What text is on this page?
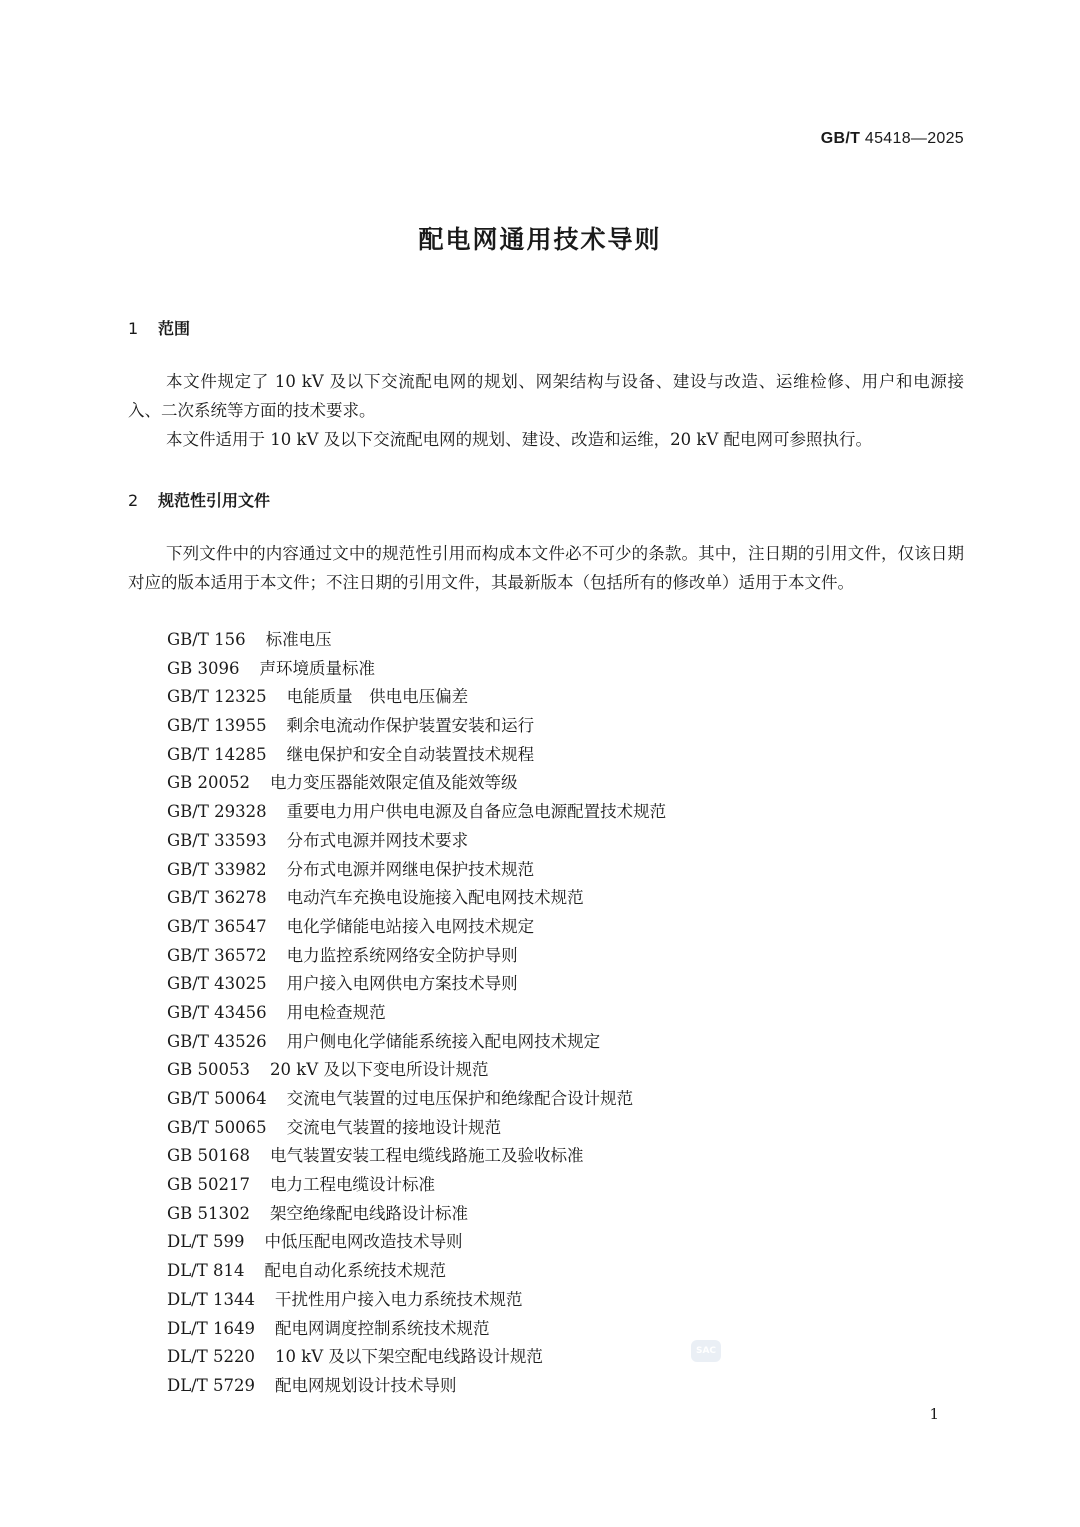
GB/T 45418—2025
配电网通用技术导则
1 范围

本文件规定了 10 kV 及以下交流配电网的规划、网架结构与设备、建设与改造、运维检修、用户和电源接入、二次系统等方面的技术要求。

本文件适用于 10 kV 及以下交流配电网的规划、建设、改造和运维，20 kV 配电网可参照执行。

2 规范性引用文件

下列文件中的内容通过文中的规范性引用而构成本文件必不可少的条款。其中，注日期的引用文件，仅该日期对应的版本适用于本文件；不注日期的引用文件，其最新版本（包括所有的修改单）适用于本文件。

GB/T 156 标准电压
GB 3096 声环境质量标准
GB/T 12325 电能质量　供电电压偏差
GB/T 13955 剩余电流动作保护装置安装和运行
GB/T 14285 继电保护和安全自动装置技术规程
GB 20052 电力变压器能效限定值及能效等级
GB/T 29328 重要电力用户供电电源及自备应急电源配置技术规范
GB/T 33593 分布式电源并网技术要求
GB/T 33982 分布式电源并网继电保护技术规范
GB/T 36278 电动汽车充换电设施接入配电网技术规范
GB/T 36547 电化学储能电站接入电网技术规定
GB/T 36572 电力监控系统网络安全防护导则
GB/T 43025 用户接入电网供电方案技术导则
GB/T 43456 用电检查规范
GB/T 43526 用户侧电化学储能系统接入配电网技术规定
GB 50053 20 kV 及以下变电所设计规范
GB/T 50064 交流电气装置的过电压保护和绝缘配合设计规范
GB/T 50065 交流电气装置的接地设计规范
GB 50168 电气装置安装工程电缆线路施工及验收标准
GB 50217 电力工程电缆设计标准
GB 51302 架空绝缘配电线路设计标准
DL/T 599 中低压配电网改造技术导则
DL/T 814 配电自动化系统技术规范
DL/T 1344 干扰性用户接入电力系统技术规范
DL/T 1649 配电网调度控制系统技术规范
DL/T 5220 10 kV 及以下架空配电线路设计规范
DL/T 5729 配电网规划设计技术导则
SAC
1
